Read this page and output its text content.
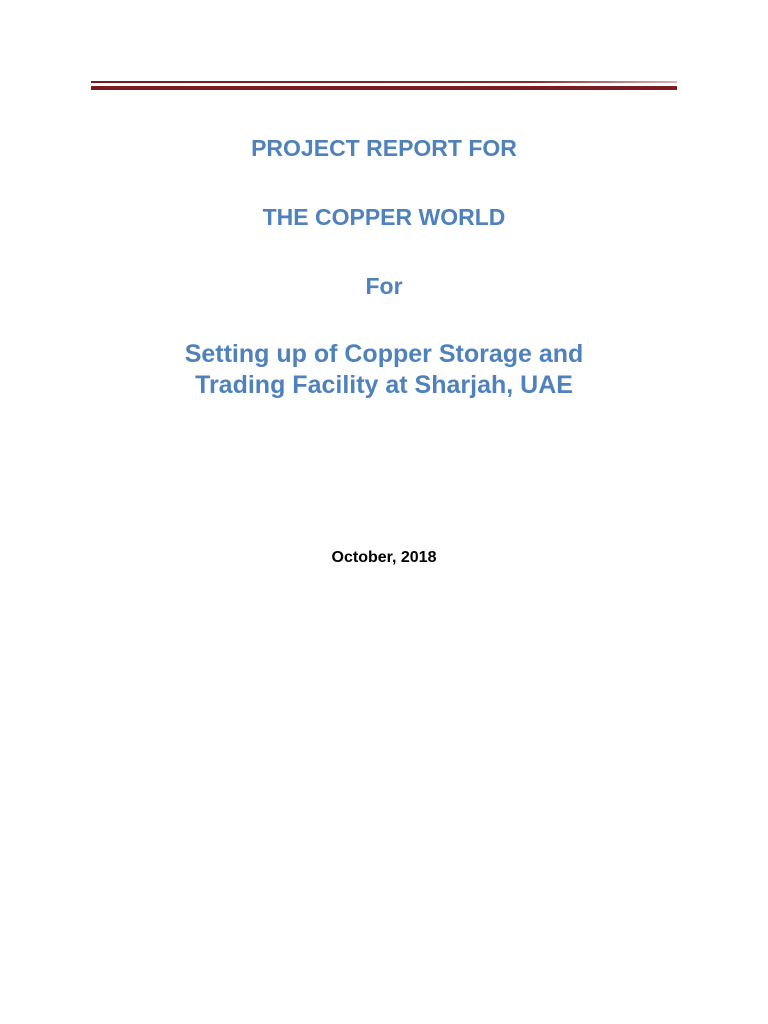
PROJECT REPORT FOR
THE COPPER WORLD
For
Setting up of Copper Storage and
Trading Facility at Sharjah, UAE

October, 2018
